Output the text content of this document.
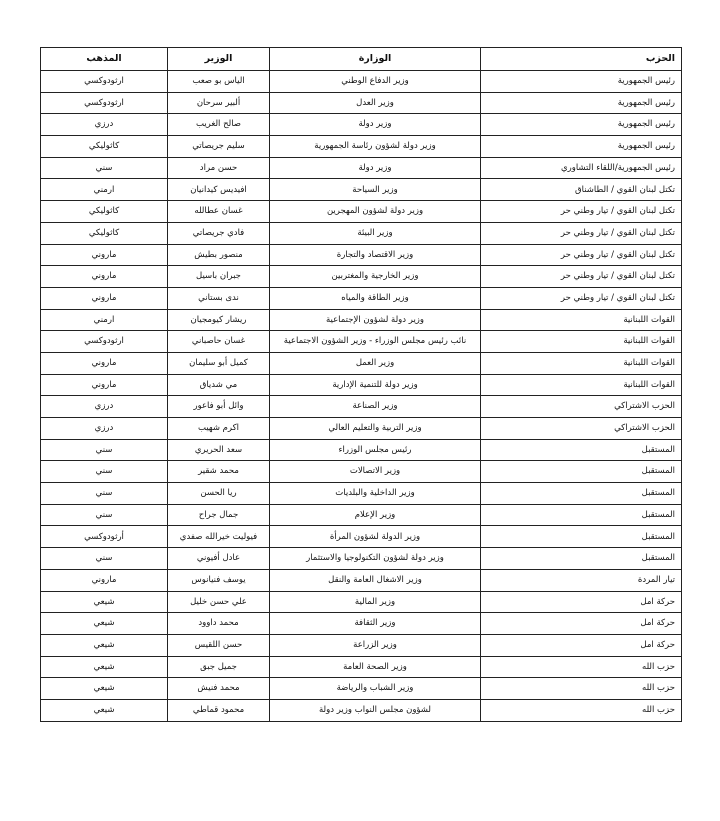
المذهب	الوزير	الوزارة	الحزب
ارثودوكسي	الياس بو صعب	وزير الدفاع الوطني	رئيس الجمهورية
ارثودوكسي	ألبير سرحان	وزير العدل	رئيس الجمهورية
درزي	صالح الغريب	وزير دولة	رئيس الجمهورية
كاثوليكي	سليم جريصاتي	وزير دولة لشؤون رئاسة الجمهورية	رئيس الجمهورية
سني	حسن مراد	وزير دولة	رئيس الجمهورية/اللقاء التشاوري
ارمني	افيديس كيدانيان	وزير السياحة	تكتل لبنان القوي / الطاشناق
كاثوليكي	غسان عطالله	وزير دولة لشؤون المهجرين	تكتل لبنان القوي / تيار وطني حر
كاثوليكي	فادي جريصاتي	وزير البيئة	تكتل لبنان القوي / تيار وطني حر
ماروني	منصور بطيش	وزير الاقتصاد والتجارة	تكتل لبنان القوي / تيار وطني حر
ماروني	جبران باسيل	وزير الخارجية والمغتربين	تكتل لبنان القوي / تيار وطني حر
ماروني	ندى بستاني	وزير الطاقة والمياه	تكتل لبنان القوي / تيار وطني حر
ارمني	ريشار كيومجيان	وزير دولة لشؤون الإجتماعية	القوات اللبنانية
ارثودوكسي	غسان حاصباني	نائب رئيس مجلس الوزراء - وزير الشؤون الاجتماعية	القوات اللبنانية
ماروني	كميل أبو سليمان	وزير العمل	القوات اللبنانية
ماروني	مي شدياق	وزير دولة للتنمية الإدارية	القوات اللبنانية
درزي	وائل أبو فاعور	وزير الصناعة	الحزب الاشتراكي
درزي	اكرم شهيب	وزير التربية والتعليم العالي	الحزب الاشتراكي
سني	سعد الحريري	رئيس مجلس الوزراء	المستقبل
سني	محمد شقير	وزير الاتصالات	المستقبل
سني	ريا الحسن	وزير الداخلية والبلديات	المستقبل
سني	جمال جراح	وزير الإعلام	المستقبل
أرثودوكسي	فيوليت خيرالله صفدي	وزير الدولة لشؤون المرأة	المستقبل
سني	عادل أفيوني	وزير دولة لشؤون التكنولوجيا والاستثمار	المستقبل
ماروني	يوسف فنيانوس	وزير الاشغال العامة والنقل	تيار المردة
شيعي	علي حسن خليل	وزير المالية	حركة امل
شيعي	محمد داوود	وزير الثقافة	حركة امل
شيعي	حسن اللقيس	وزير الزراعة	حركة امل
شيعي	جميل جبق	وزير الصحة العامة	حزب الله
شيعي	محمد فنيش	وزير الشباب والرياضة	حزب الله
شيعي	محمود قماطي	لشؤون مجلس النواب وزير دولة	حزب الله
